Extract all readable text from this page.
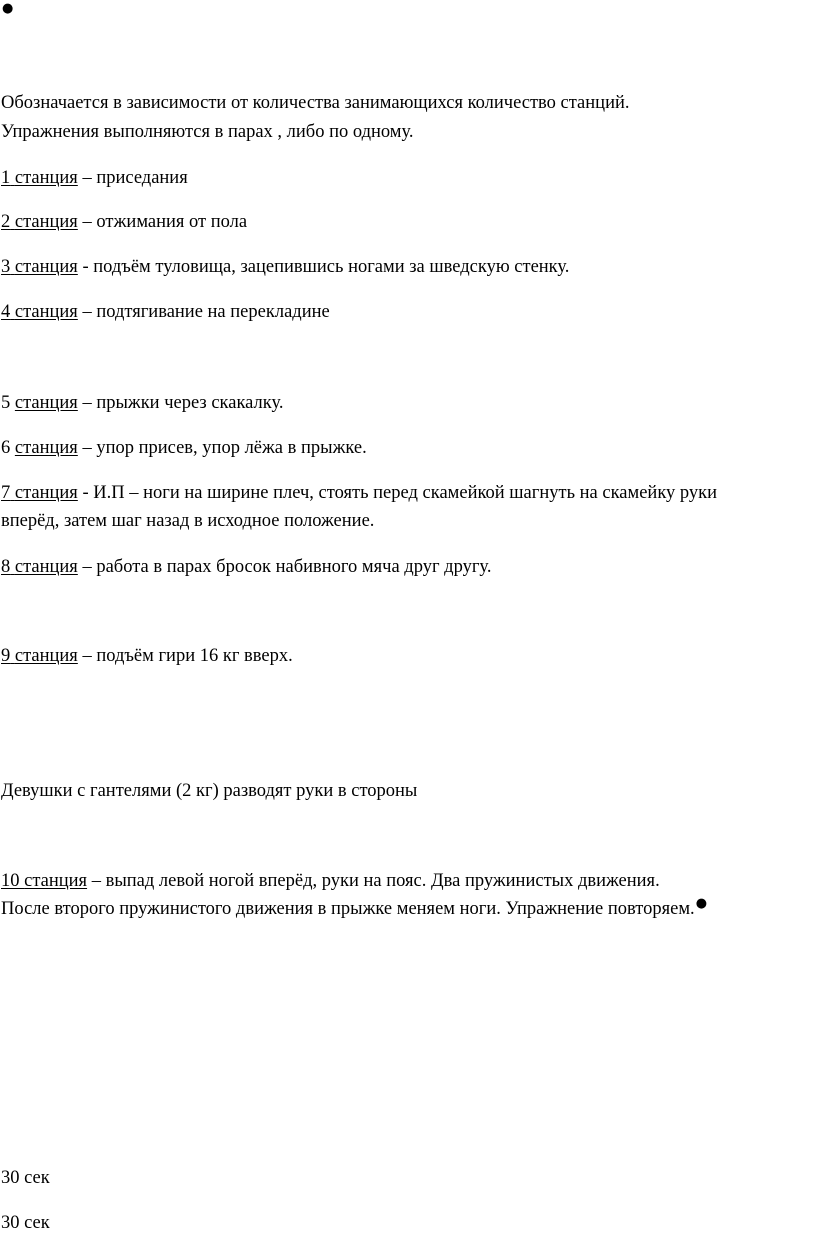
●
Обозначается в зависимости от количества занимающихся количество станций.
Упражнения выполняются в парах , либо по одному.
1 станция – приседания
2 станция – отжимания от пола
3 станция - подъём туловища, зацепившись ногами за шведскую стенку.
4 станция – подтягивание на перекладине
5 станция – прыжки через скакалку.
6 станция – упор присев, упор лёжа в прыжке.
7 станция - И.П – ноги на ширине плеч, стоять перед скамейкой шагнуть на скамейку руки
вперёд, затем шаг назад в исходное положение.
8 станция – работа в парах бросок набивного мяча друг другу.
9 станция – подъём гири 16 кг вверх.
Девушки с гантелями (2 кг) разводят руки в стороны
10 станция – выпад левой ногой вперёд, руки на пояс. Два пружинистых движения.
После второго пружинистого движения в прыжке меняем ноги. Упражнение повторяем.●
30 сек
30 сек
